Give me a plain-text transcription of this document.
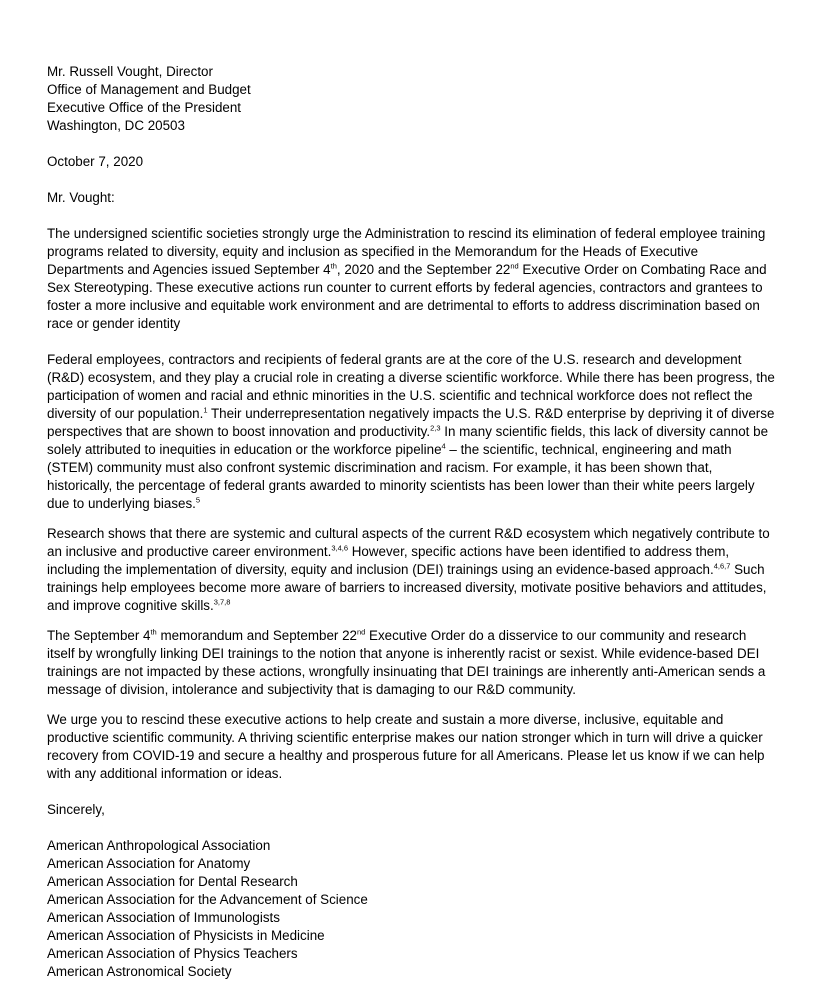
Mr. Russell Vought, Director
Office of Management and Budget
Executive Office of the President
Washington, DC 20503

October 7, 2020

Mr. Vought:

The undersigned scientific societies strongly urge the Administration to rescind its elimination of federal employee training programs related to diversity, equity and inclusion as specified in the Memorandum for the Heads of Executive Departments and Agencies issued September 4th, 2020 and the September 22nd Executive Order on Combating Race and Sex Stereotyping. These executive actions run counter to current efforts by federal agencies, contractors and grantees to foster a more inclusive and equitable work environment and are detrimental to efforts to address discrimination based on race or gender identity

Federal employees, contractors and recipients of federal grants are at the core of the U.S. research and development (R&D) ecosystem, and they play a crucial role in creating a diverse scientific workforce. While there has been progress, the participation of women and racial and ethnic minorities in the U.S. scientific and technical workforce does not reflect the diversity of our population.$^1$ Their underrepresentation negatively impacts the U.S. R&D enterprise by depriving it of diverse perspectives that are shown to boost innovation and productivity.$^{2,3}$ In many scientific fields, this lack of diversity cannot be solely attributed to inequities in education or the workforce pipeline$^4$ – the scientific, technical, engineering and math (STEM) community must also confront systemic discrimination and racism. For example, it has been shown that, historically, the percentage of federal grants awarded to minority scientists has been lower than their white peers largely due to underlying biases.$^5$

Research shows that there are systemic and cultural aspects of the current R&D ecosystem which negatively contribute to an inclusive and productive career environment.$^{3,4,6}$ However, specific actions have been identified to address them, including the implementation of diversity, equity and inclusion (DEI) trainings using an evidence-based approach.$^{4,6,7}$ Such trainings help employees become more aware of barriers to increased diversity, motivate positive behaviors and attitudes, and improve cognitive skills.$^{3,7,8}$

The September 4th memorandum and September 22nd Executive Order do a disservice to our community and research itself by wrongfully linking DEI trainings to the notion that anyone is inherently racist or sexist. While evidence-based DEI trainings are not impacted by these actions, wrongfully insinuating that DEI trainings are inherently anti-American sends a message of division, intolerance and subjectivity that is damaging to our R&D community.

We urge you to rescind these executive actions to help create and sustain a more diverse, inclusive, equitable and productive scientific community. A thriving scientific enterprise makes our nation stronger which in turn will drive a quicker recovery from COVID-19 and secure a healthy and prosperous future for all Americans. Please let us know if we can help with any additional information or ideas.

Sincerely,

American Anthropological Association
American Association for Anatomy
American Association for Dental Research
American Association for the Advancement of Science
American Association of Immunologists
American Association of Physicists in Medicine
American Association of Physics Teachers
American Astronomical Society
